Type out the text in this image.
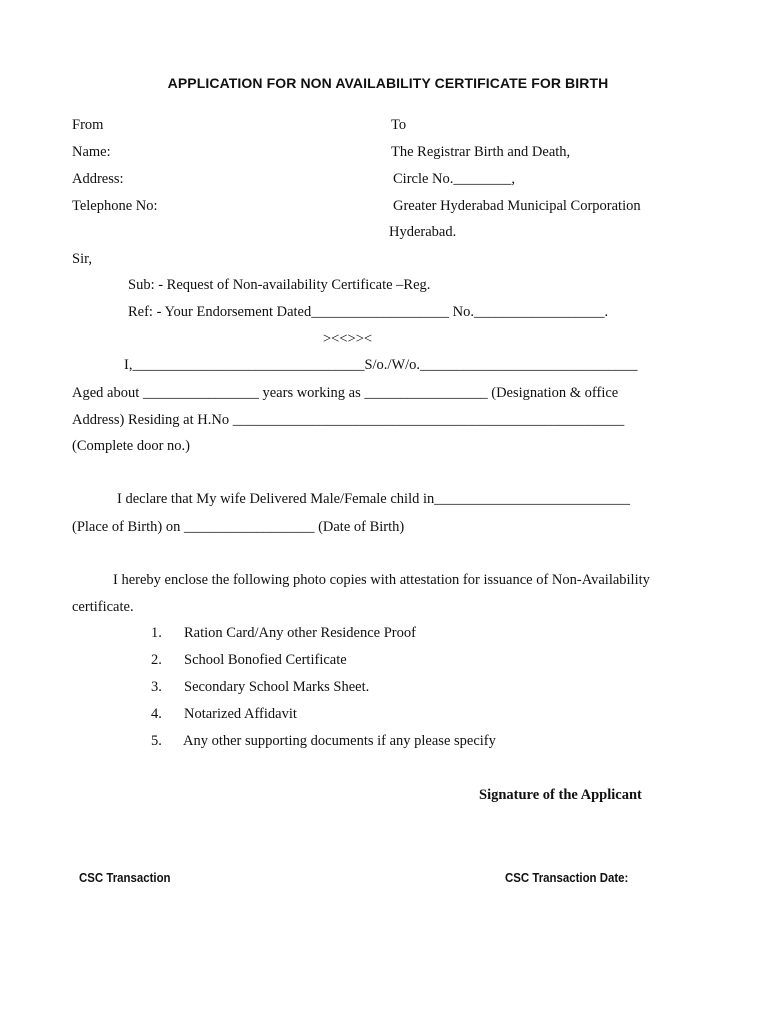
APPLICATION FOR NON AVAILABILITY CERTIFICATE FOR BIRTH
From
Name:
Address:
Telephone No:
To
The Registrar Birth and Death,
Circle No.________,
Greater Hyderabad Municipal Corporation
Hyderabad.
Sir,
Sub: - Request of Non-availability Certificate –Reg.
Ref: - Your Endorsement Dated___________________ No.__________________.
><<>><
I,________________________________S/o./W/o.______________________________
Aged about ________________ years working as _________________ (Designation & office
Address) Residing at H.No ______________________________________________________
(Complete door no.)
I declare that My wife Delivered Male/Female child in___________________________
(Place of Birth) on __________________ (Date of Birth)
I hereby enclose the following photo copies with attestation for issuance of Non-Availability
certificate.
1. Ration Card/Any other Residence Proof
2. School Bonofied Certificate
3. Secondary School Marks Sheet.
4. Notarized Affidavit
5. Any other supporting documents if any please specify
Signature of the Applicant
CSC Transaction	CSC Transaction Date:
